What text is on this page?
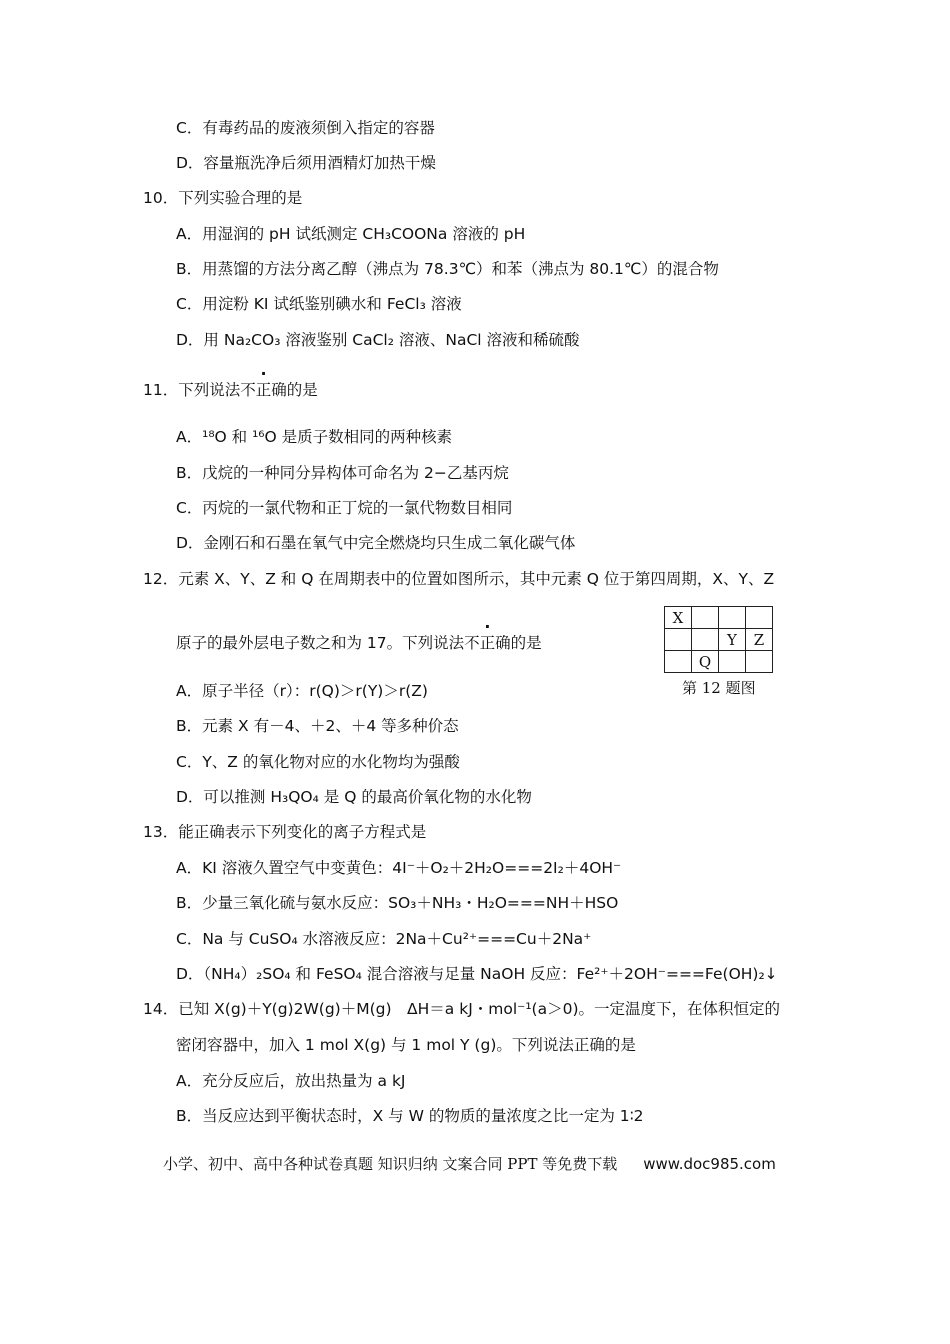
C．有毒药品的废液须倒入指定的容器
D．容量瓶洗净后须用酒精灯加热干燥
10．下列实验合理的是
A．用湿润的 pH 试纸测定 CH₃COONa 溶液的 pH
B．用蒸馏的方法分离乙醇（沸点为 78.3℃）和苯（沸点为 80.1℃）的混合物
C．用淀粉 KI 试纸鉴别碘水和 FeCl₃ 溶液
D．用 Na₂CO₃ 溶液鉴别 CaCl₂ 溶液、NaCl 溶液和稀硫酸
11．下列说法不正确的是
A．¹⁸O 和 ¹⁶O 是质子数相同的两种核素
B．戊烷的一种同分异构体可命名为 2−乙基丙烷
C．丙烷的一氯代物和正丁烷的一氯代物数目相同
D．金刚石和石墨在氧气中完全燃烧均只生成二氧化碳气体
12．元素 X、Y、Z 和 Q 在周期表中的位置如图所示，其中元素 Q 位于第四周期，X、Y、Z
原子的最外层电子数之和为 17。下列说法不正确的是
X			
		Y	Z
	Q		
第 12 题图
A．原子半径（r）：r(Q)＞r(Y)＞r(Z)
B．元素 X 有－4、＋2、＋4 等多种价态
C．Y、Z 的氧化物对应的水化物均为强酸
D．可以推测 H₃QO₄ 是 Q 的最高价氧化物的水化物
13．能正确表示下列变化的离子方程式是
A．KI 溶液久置空气中变黄色：4I⁻＋O₂＋2H₂O===2I₂＋4OH⁻
B．少量三氧化硫与氨水反应：SO₃＋NH₃・H₂O===NH＋HSO
C．Na 与 CuSO₄ 水溶液反应：2Na＋Cu²⁺===Cu＋2Na⁺
D．（NH₄）₂SO₄ 和 FeSO₄ 混合溶液与足量 NaOH 反应：Fe²⁺＋2OH⁻===Fe(OH)₂↓
14．已知 X(g)＋Y(g)2W(g)＋M(g)　ΔH＝a kJ・mol⁻¹(a＞0)。一定温度下，在体积恒定的
密闭容器中，加入 1 mol X(g) 与 1 mol Y (g)。下列说法正确的是
A．充分反应后，放出热量为 a kJ
B．当反应达到平衡状态时，X 与 W 的物质的量浓度之比一定为 1∶2
小学、初中、高中各种试卷真题 知识归纳 文案合同 PPT 等免费下载 www.doc985.com
